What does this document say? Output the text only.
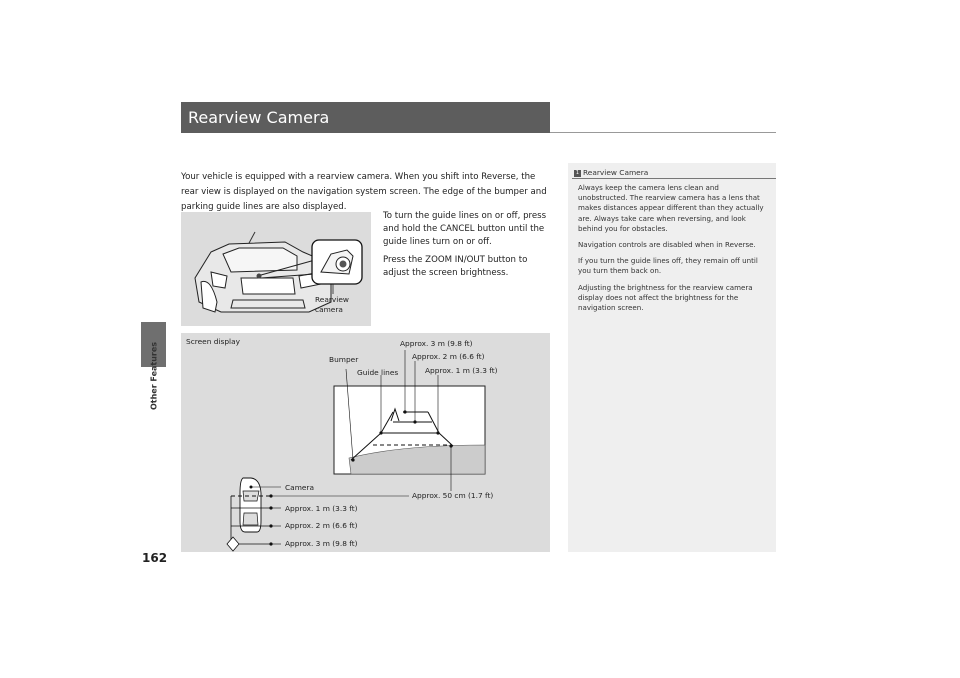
Other Features
162
Rearview Camera
Your vehicle is equipped with a rearview camera. When you shift into Reverse, the rear view is displayed on the navigation system screen. The edge of the bumper and parking guide lines are also displayed.
Rearview
camera

To turn the guide lines on or off, press and hold the CANCEL button until the guide lines turn on or off.

Press the ZOOM IN/OUT button to adjust the screen brightness.

Screen display
Bumper
Guide lines
Approx. 3 m (9.8 ft)
Approx. 2 m (6.6 ft)
Approx. 1 m (3.3 ft)
Approx. 50 cm (1.7 ft)
Camera
Approx. 1 m (3.3 ft)
Approx. 2 m (6.6 ft)
Approx. 3 m (9.8 ft)
1 Rearview Camera

Always keep the camera lens clean and unobstructed. The rearview camera has a lens that makes distances appear different than they actually are. Always take care when reversing, and look behind you for obstacles.

Navigation controls are disabled when in Reverse.

If you turn the guide lines off, they remain off until you turn them back on.

Adjusting the brightness for the rearview camera display does not affect the brightness for the navigation screen.
